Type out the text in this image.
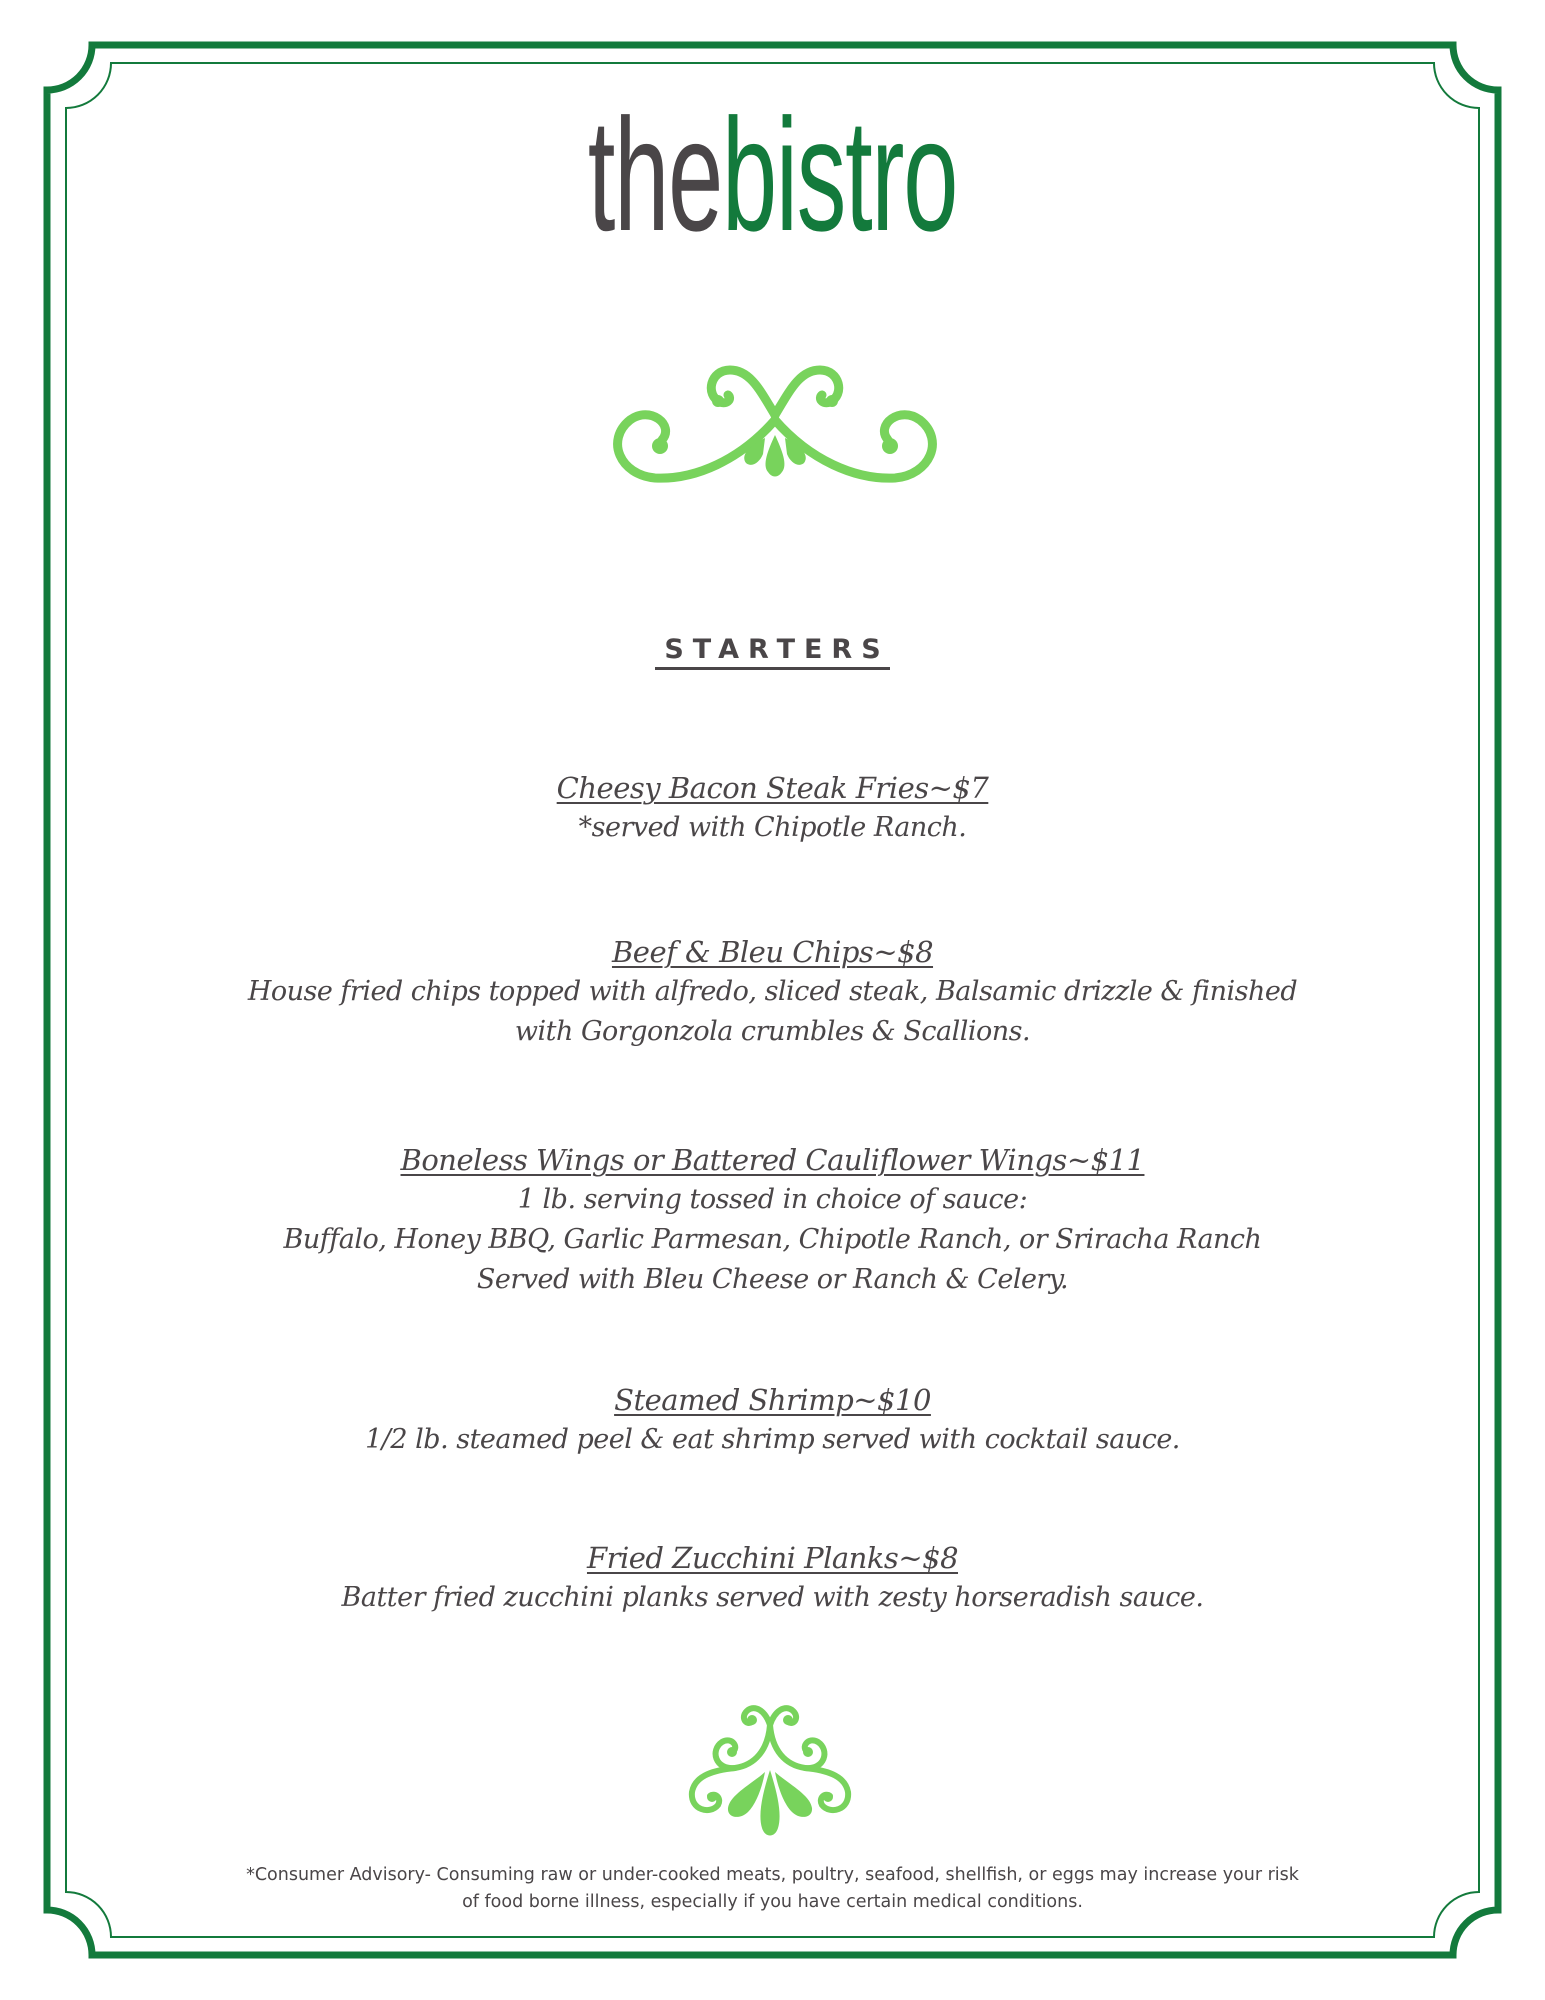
thebistro
STARTERS
Cheesy Bacon Steak Fries~$7
*served with Chipotle Ranch.
Beef & Bleu Chips~$8
House fried chips topped with alfredo, sliced steak, Balsamic drizzle & finished
with Gorgonzola crumbles & Scallions.
Boneless Wings or Battered Cauliflower Wings~$11
1 lb. serving tossed in choice of sauce:
Buffalo, Honey BBQ, Garlic Parmesan, Chipotle Ranch, or Sriracha Ranch
Served with Bleu Cheese or Ranch & Celery.
Steamed Shrimp~$10
1/2 lb. steamed peel & eat shrimp served with cocktail sauce.
Fried Zucchini Planks~$8
Batter fried zucchini planks served with zesty horseradish sauce.
*Consumer Advisory- Consuming raw or under-cooked meats, poultry, seafood, shellfish, or eggs may increase your risk
of food borne illness, especially if you have certain medical conditions.
